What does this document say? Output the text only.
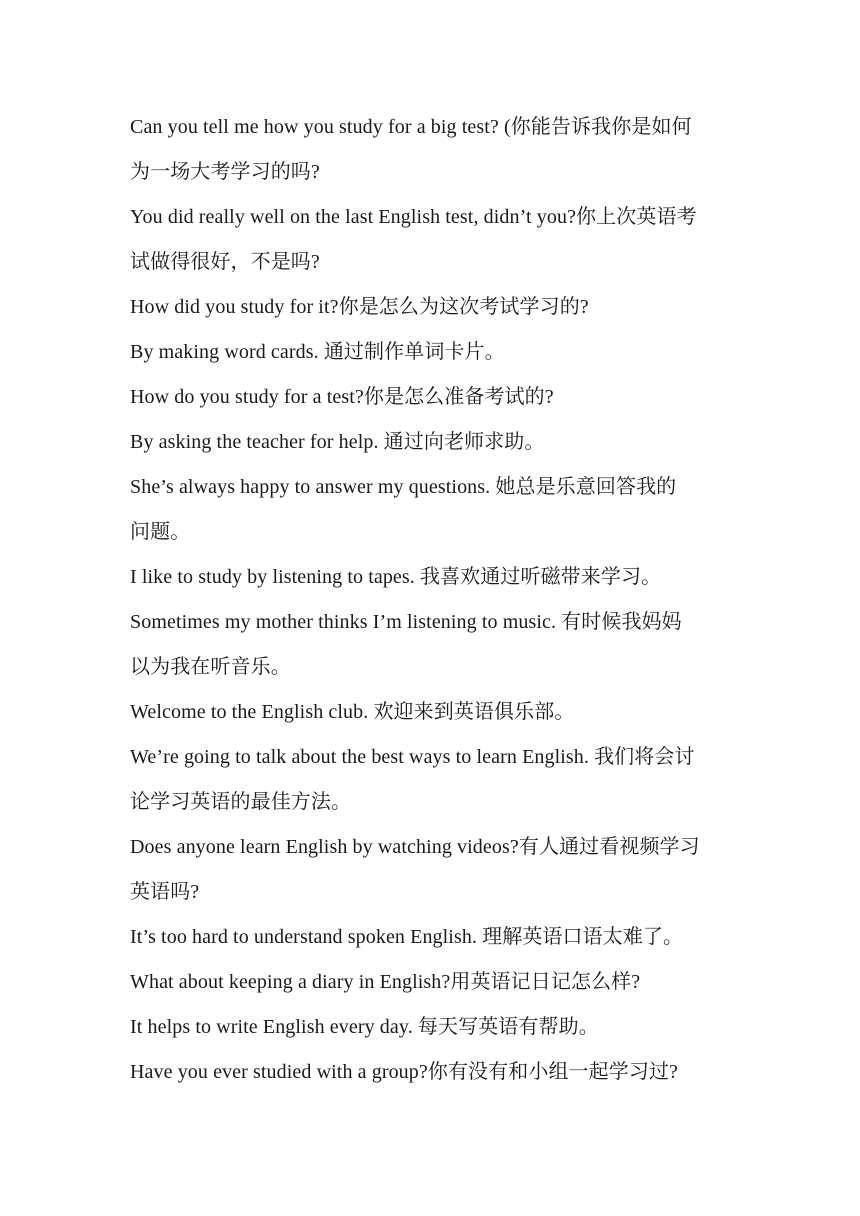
Can you tell me how you study for a big test? (你能告诉我你是如何
为一场大考学习的吗?
You did really well on the last English test, didn’t you?你上次英语考
试做得很好，不是吗?
How did you study for it?你是怎么为这次考试学习的?
By making word cards. 通过制作单词卡片。
How do you study for a test?你是怎么准备考试的?
By asking the teacher for help. 通过向老师求助。
She’s always happy to answer my questions. 她总是乐意回答我的
问题。
I like to study by listening to tapes. 我喜欢通过听磁带来学习。
Sometimes my mother thinks I’m listening to music. 有时候我妈妈
以为我在听音乐。
Welcome to the English club. 欢迎来到英语俱乐部。
We’re going to talk about the best ways to learn English. 我们将会讨
论学习英语的最佳方法。
Does anyone learn English by watching videos?有人通过看视频学习
英语吗?
It’s too hard to understand spoken English. 理解英语口语太难了。
What about keeping a diary in English?用英语记日记怎么样?
It helps to write English every day. 每天写英语有帮助。
Have you ever studied with a group?你有没有和小组一起学习过?
